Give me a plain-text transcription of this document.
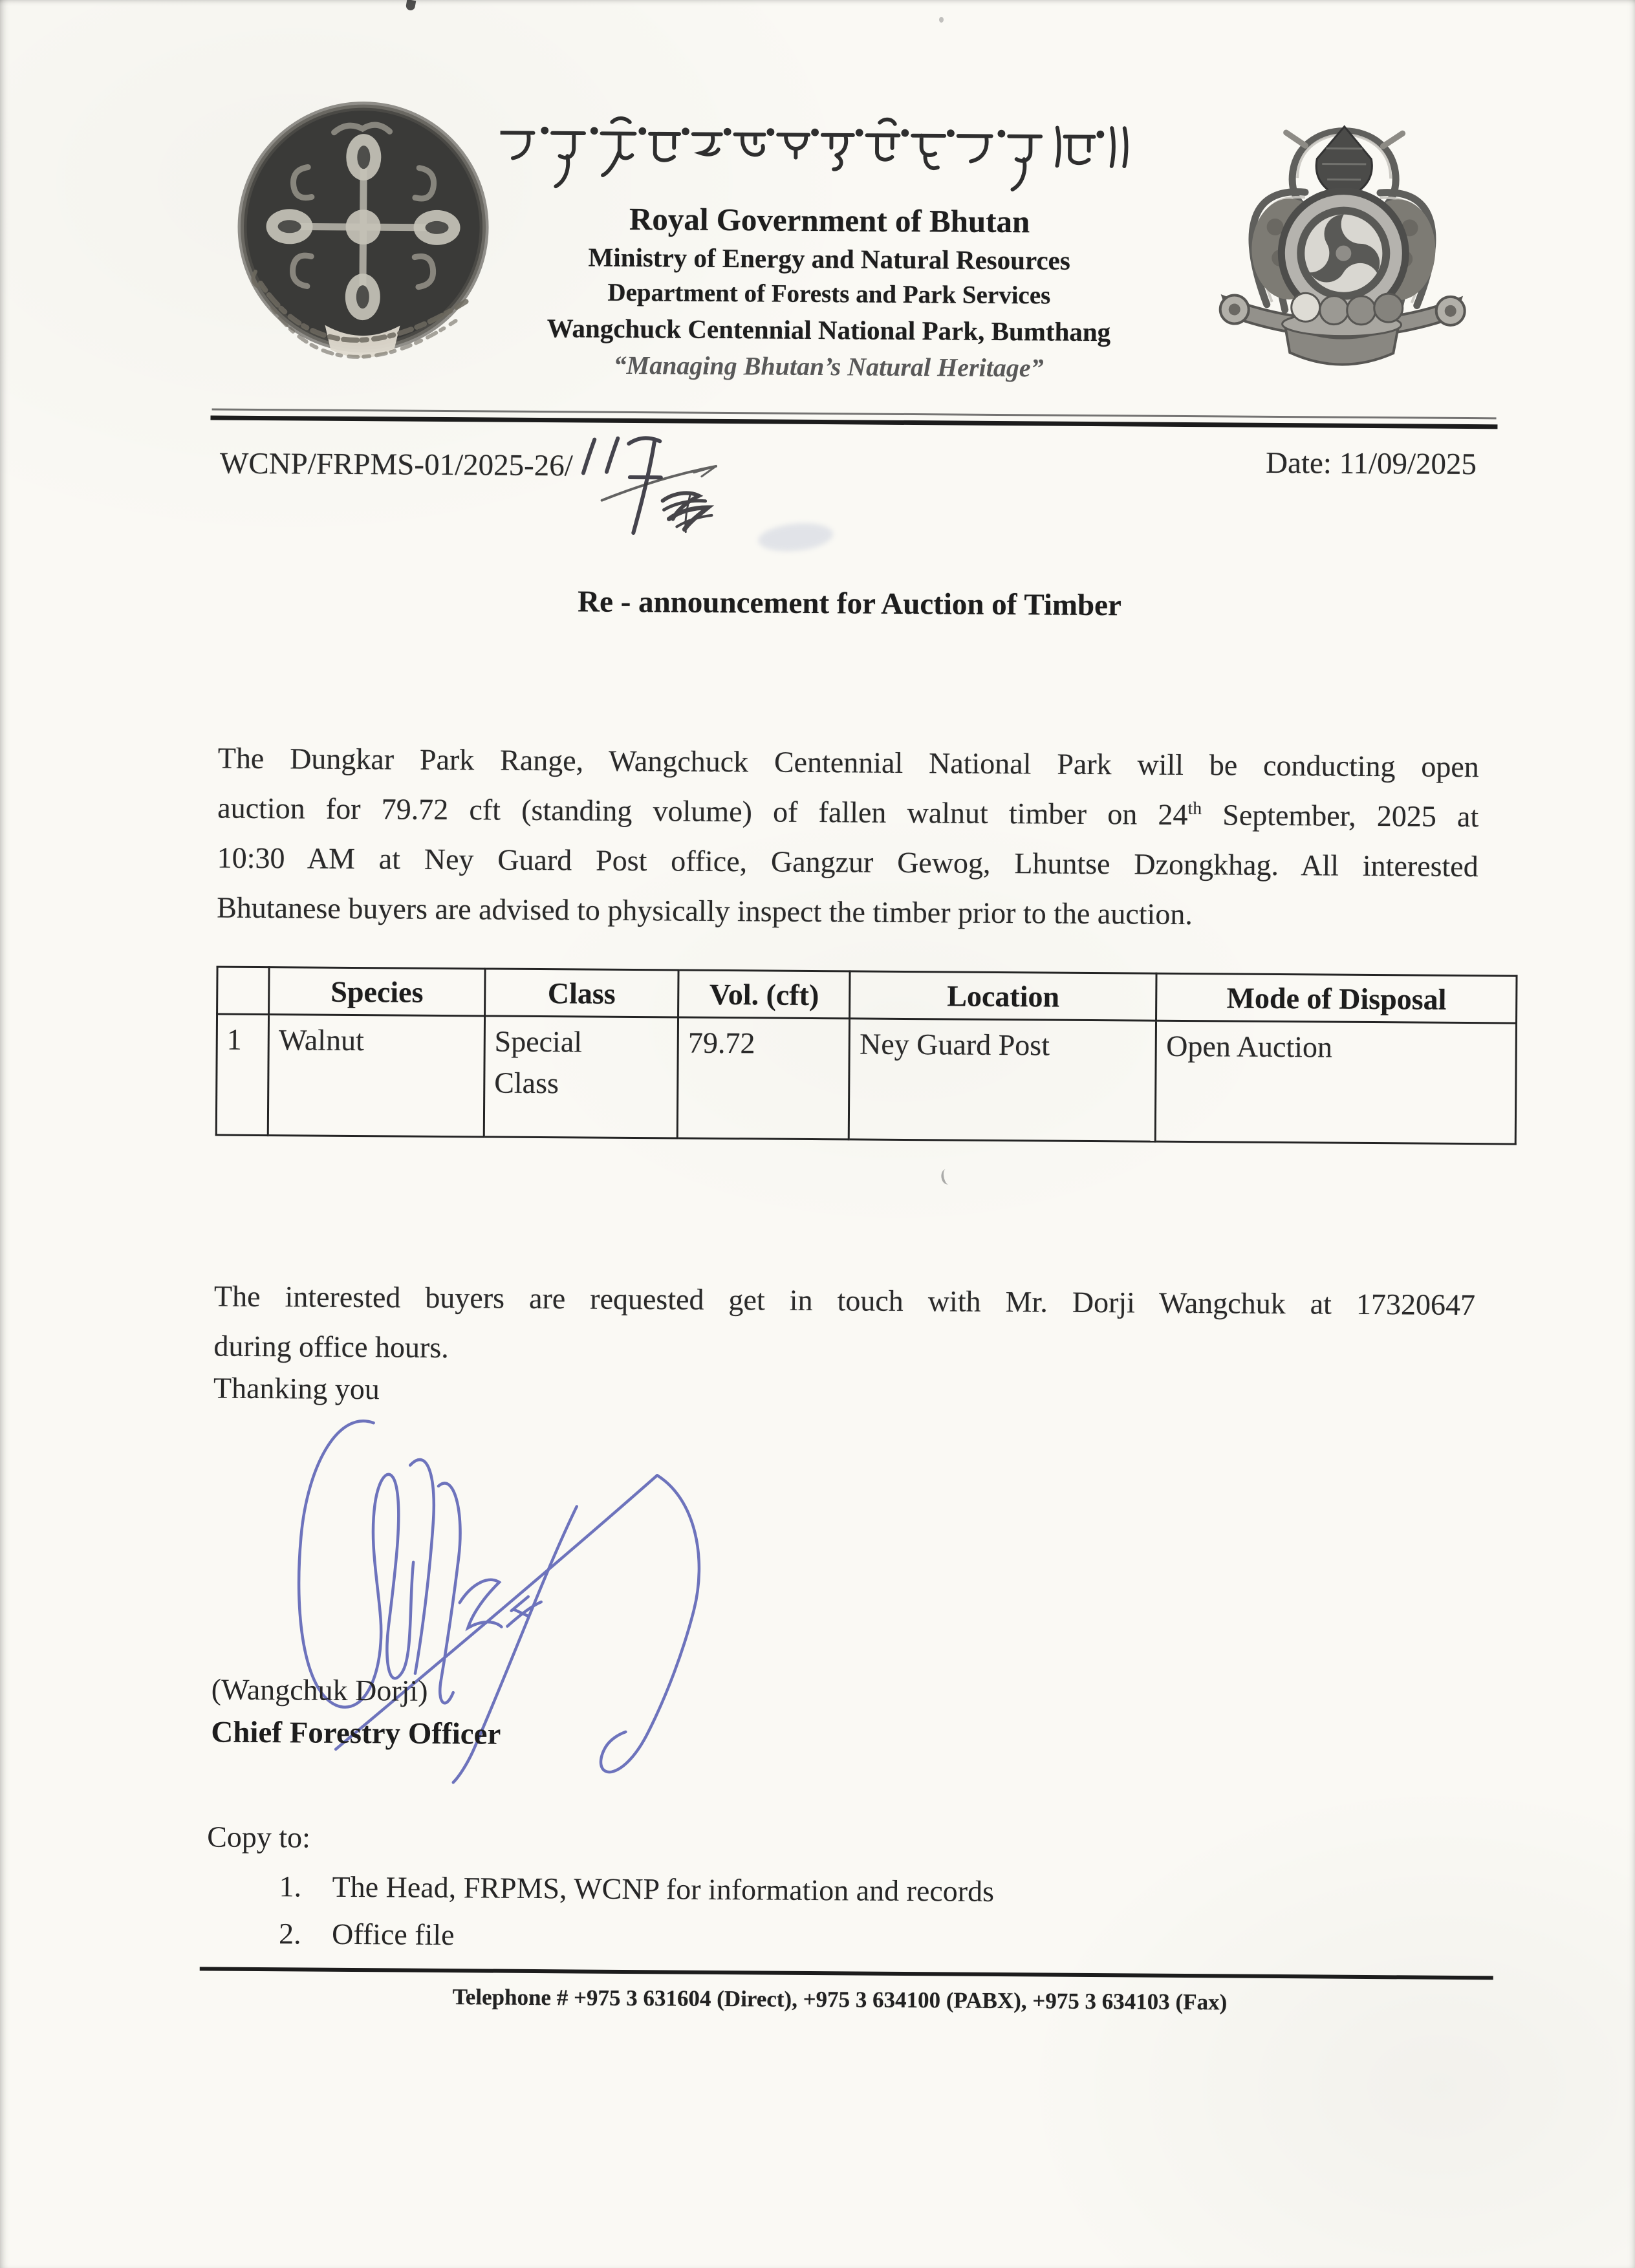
Royal Government of Bhutan
Ministry of Energy and Natural Resources
Department of Forests and Park Services
Wangchuck Centennial National Park, Bumthang
“Managing Bhutan’s Natural Heritage”
WCNP/FRPMS-01/2025-26/	Date: 11/09/2025
Re - announcement for Auction of Timber

The Dungkar Park Range, Wangchuck Centennial National Park will be conducting open
auction for 79.72 cft (standing volume) of fallen walnut timber on 24th September, 2025 at
10:30 AM at Ney Guard Post office, Gangzur Gewog, Lhuntse Dzongkhag. All interested
Bhutanese buyers are advised to physically inspect the timber prior to the auction.

	Species	Class	Vol. (cft)	Location	Mode of Disposal
1	Walnut	Special Class	79.72	Ney Guard Post	Open Auction

The interested buyers are requested get in touch with Mr. Dorji Wangchuk at 17320647
during office hours.

Thanking you
(Wangchuk Dorji)
Chief Forestry Officer
Copy to:
1. The Head, FRPMS, WCNP for information and records
2. Office file
Telephone # +975 3 631604 (Direct), +975 3 634100 (PABX), +975 3 634103 (Fax)
